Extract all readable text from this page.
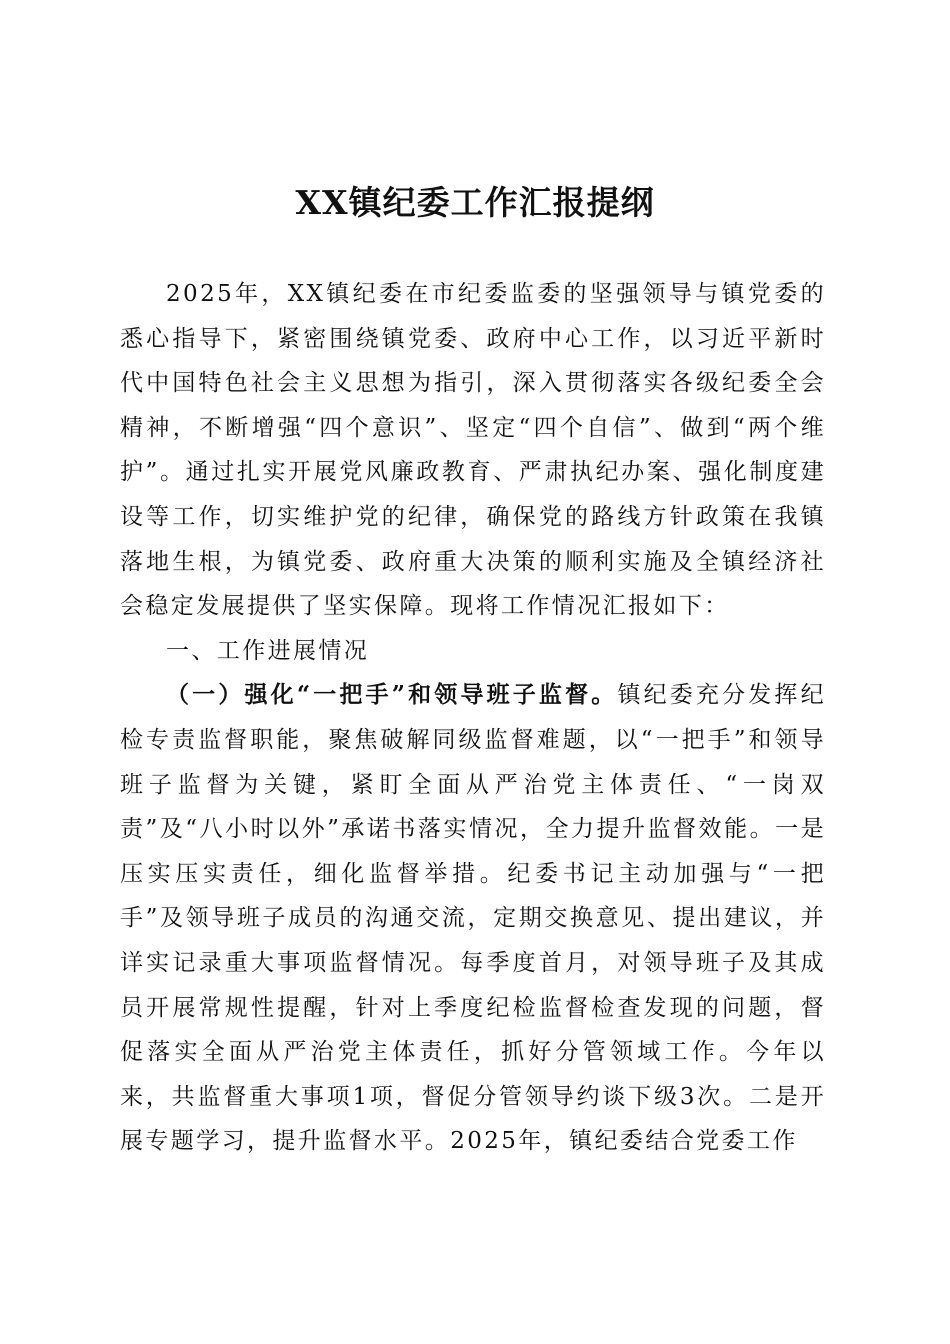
XX镇纪委工作汇报提纲

2025年，XX镇纪委在市纪委监委的坚强领导与镇党委的悉心指导下，紧密围绕镇党委、政府中心工作，以习近平新时代中国特色社会主义思想为指引，深入贯彻落实各级纪委全会精神，不断增强“四个意识”、坚定“四个自信”、做到“两个维护”。通过扎实开展党风廉政教育、严肃执纪办案、强化制度建设等工作，切实维护党的纪律，确保党的路线方针政策在我镇落地生根，为镇党委、政府重大决策的顺利实施及全镇经济社会稳定发展提供了坚实保障。现将工作情况汇报如下：

一、工作进展情况

（一）强化“一把手”和领导班子监督。镇纪委充分发挥纪检专责监督职能，聚焦破解同级监督难题，以“一把手”和领导班子监督为关键，紧盯全面从严治党主体责任、“一岗双责”及“八小时以外”承诺书落实情况，全力提升监督效能。一是压实压实责任，细化监督举措。纪委书记主动加强与“一把手”及领导班子成员的沟通交流，定期交换意见、提出建议，并详实记录重大事项监督情况。每季度首月，对领导班子及其成员开展常规性提醒，针对上季度纪检监督检查发现的问题，督促落实全面从严治党主体责任，抓好分管领域工作。今年以来，共监督重大事项1项，督促分管领导约谈下级3次。二是开展专题学习，提升监督水平。2025年，镇纪委结合党委工作
